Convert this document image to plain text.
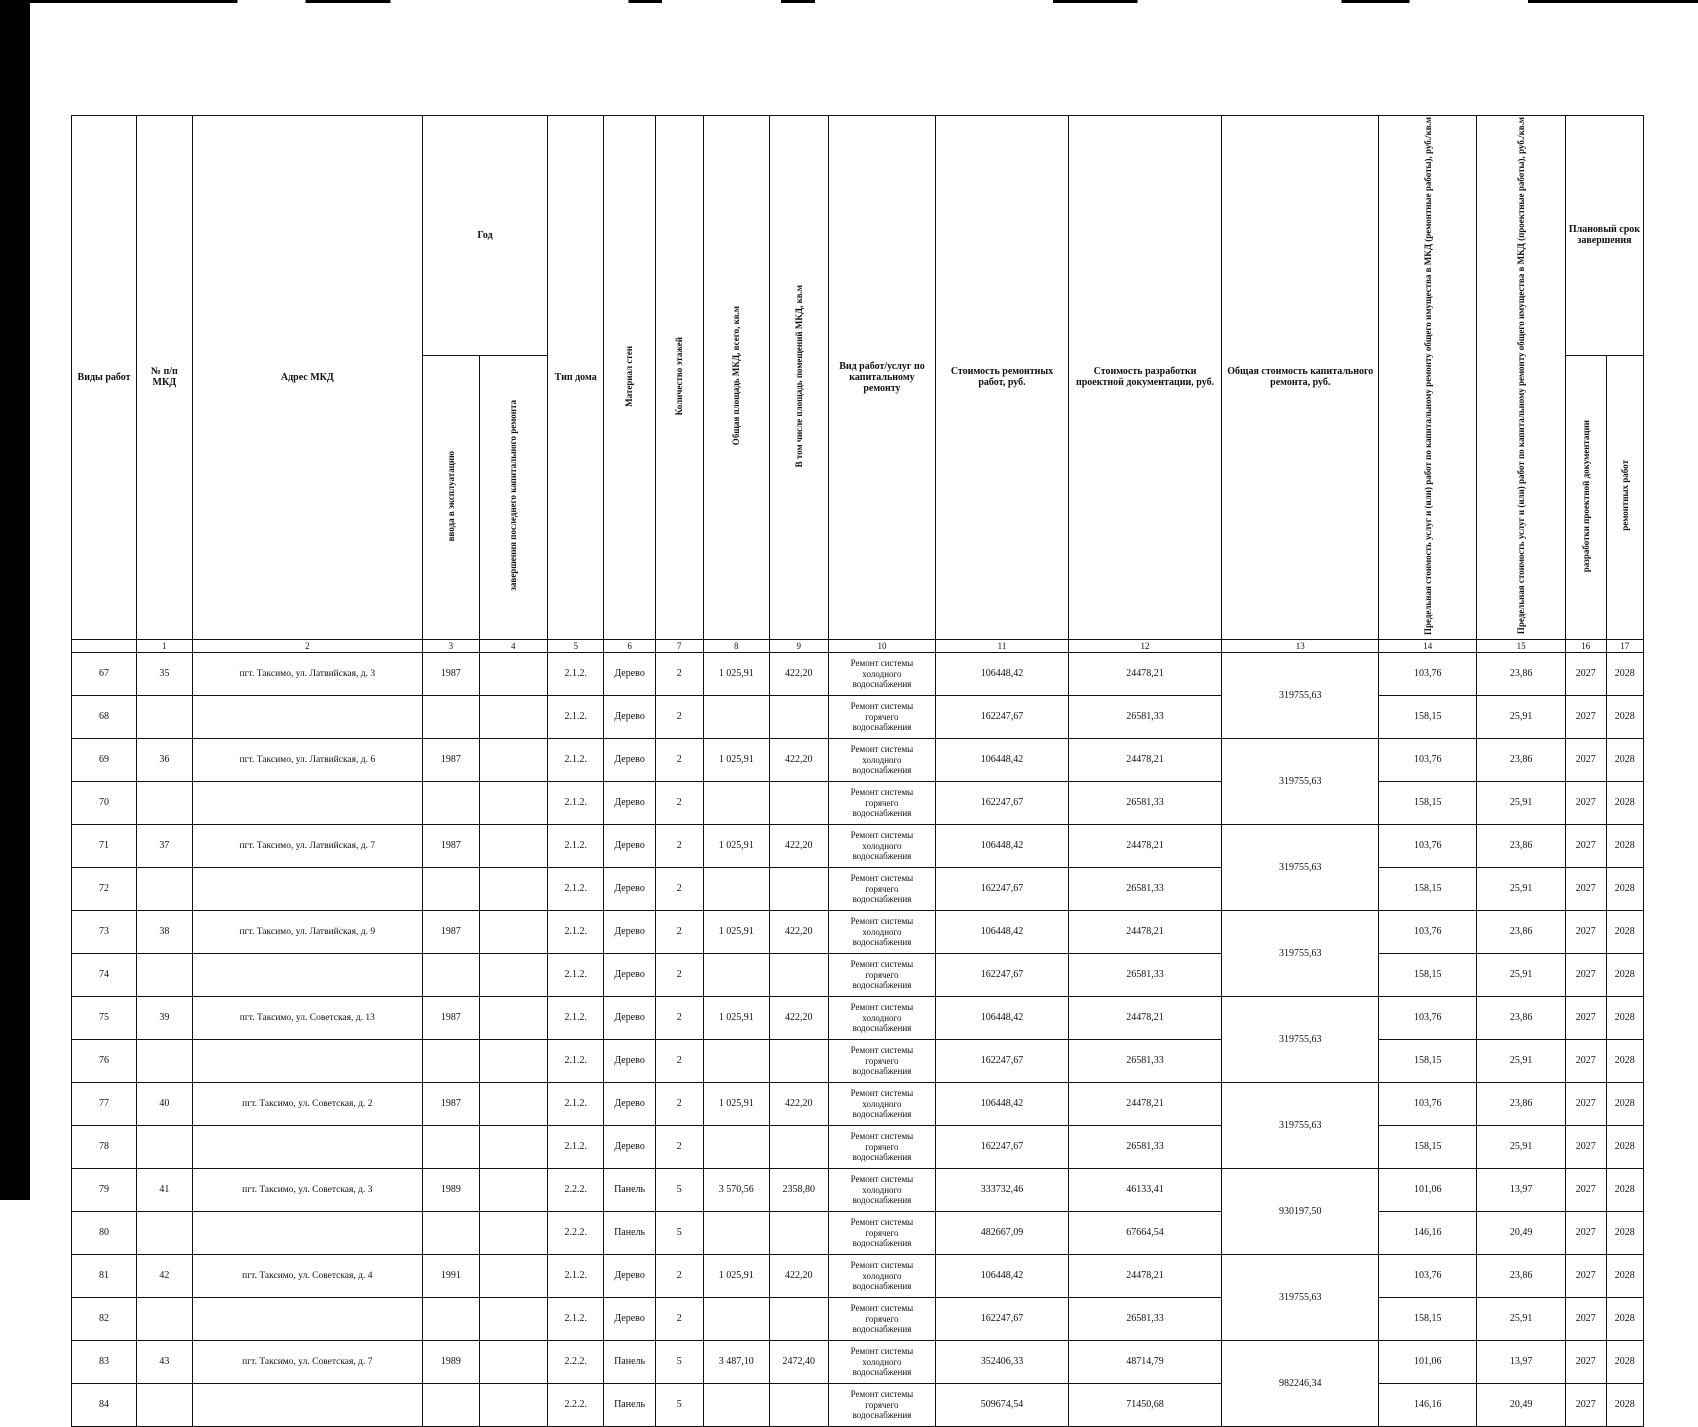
Виды работ	№ п/п МКД	Адрес МКД	Год		Тип дома	Материал стен	Количество этажей	Общая площадь МКД, всего, кв.м	В том числе площадь помещений МКД, кв.м	Вид работ/услуг по капитальному ремонту	Стоимость ремонтных работ, руб.	Стоимость разработки проектной документации, руб.	Общая стоимость капитального ремонта, руб.	Предельная стоимость услуг и (или) работ по капитальному ремонту общего имущества в МКД (ремонтные работы), руб./кв.м	Предельная стоимость услуг и (или) работ по капитальному ремонту общего имущества в МКД (проектные работы), руб./кв.м	Плановый срок завершения	
			ввода в эксплуатацию	завершения последнего капитального ремонта												разработки проектной документации	ремонтных работ
	1	2	3	4	5	6	7	8	9	10	11	12	13	14	15	16	17
67	35	пгт. Таксимо, ул. Латвийская, д. 3	1987		2.1.2.	Дерево	2	1 025,91	422,20	Ремонт системы
холодного
водоснабжения	106448,42	24478,21	319755,63	103,76	23,86	2027	2028
68					2.1.2.	Дерево	2			Ремонт системы
горячего
водоснабжения	162247,67	26581,33		158,15	25,91	2027	2028
69	36	пгт. Таксимо, ул. Латвийская, д. 6	1987		2.1.2.	Дерево	2	1 025,91	422,20	Ремонт системы
холодного
водоснабжения	106448,42	24478,21	319755,63	103,76	23,86	2027	2028
70					2.1.2.	Дерево	2			Ремонт системы
горячего
водоснабжения	162247,67	26581,33		158,15	25,91	2027	2028
71	37	пгт. Таксимо, ул. Латвийская, д. 7	1987		2.1.2.	Дерево	2	1 025,91	422,20	Ремонт системы
холодного
водоснабжения	106448,42	24478,21	319755,63	103,76	23,86	2027	2028
72					2.1.2.	Дерево	2			Ремонт системы
горячего
водоснабжения	162247,67	26581,33		158,15	25,91	2027	2028
73	38	пгт. Таксимо, ул. Латвийская, д. 9	1987		2.1.2.	Дерево	2	1 025,91	422,20	Ремонт системы
холодного
водоснабжения	106448,42	24478,21	319755,63	103,76	23,86	2027	2028
74					2.1.2.	Дерево	2			Ремонт системы
горячего
водоснабжения	162247,67	26581,33		158,15	25,91	2027	2028
75	39	пгт. Таксимо, ул. Советская, д. 13	1987		2.1.2.	Дерево	2	1 025,91	422,20	Ремонт системы
холодного
водоснабжения	106448,42	24478,21	319755,63	103,76	23,86	2027	2028
76					2.1.2.	Дерево	2			Ремонт системы
горячего
водоснабжения	162247,67	26581,33		158,15	25,91	2027	2028
77	40	пгт. Таксимо, ул. Советская, д. 2	1987		2.1.2.	Дерево	2	1 025,91	422,20	Ремонт системы
холодного
водоснабжения	106448,42	24478,21	319755,63	103,76	23,86	2027	2028
78					2.1.2.	Дерево	2			Ремонт системы
горячего
водоснабжения	162247,67	26581,33		158,15	25,91	2027	2028
79	41	пгт. Таксимо, ул. Советская, д. 3	1989		2.2.2.	Панель	5	3 570,56	2358,80	Ремонт системы
холодного
водоснабжения	333732,46	46133,41	930197,50	101,06	13,97	2027	2028
80					2.2.2.	Панель	5			Ремонт системы
горячего
водоснабжения	482667,09	67664,54		146,16	20,49	2027	2028
81	42	пгт. Таксимо, ул. Советская, д. 4	1991		2.1.2.	Дерево	2	1 025,91	422,20	Ремонт системы
холодного
водоснабжения	106448,42	24478,21	319755,63	103,76	23,86	2027	2028
82					2.1.2.	Дерево	2			Ремонт системы
горячего
водоснабжения	162247,67	26581,33		158,15	25,91	2027	2028
83	43	пгт. Таксимо, ул. Советская, д. 7	1989		2.2.2.	Панель	5	3 487,10	2472,40	Ремонт системы
холодного
водоснабжения	352406,33	48714,79	982246,34	101,06	13,97	2027	2028
84					2.2.2.	Панель	5			Ремонт системы
горячего
водоснабжения	509674,54	71450,68		146,16	20,49	2027	2028
